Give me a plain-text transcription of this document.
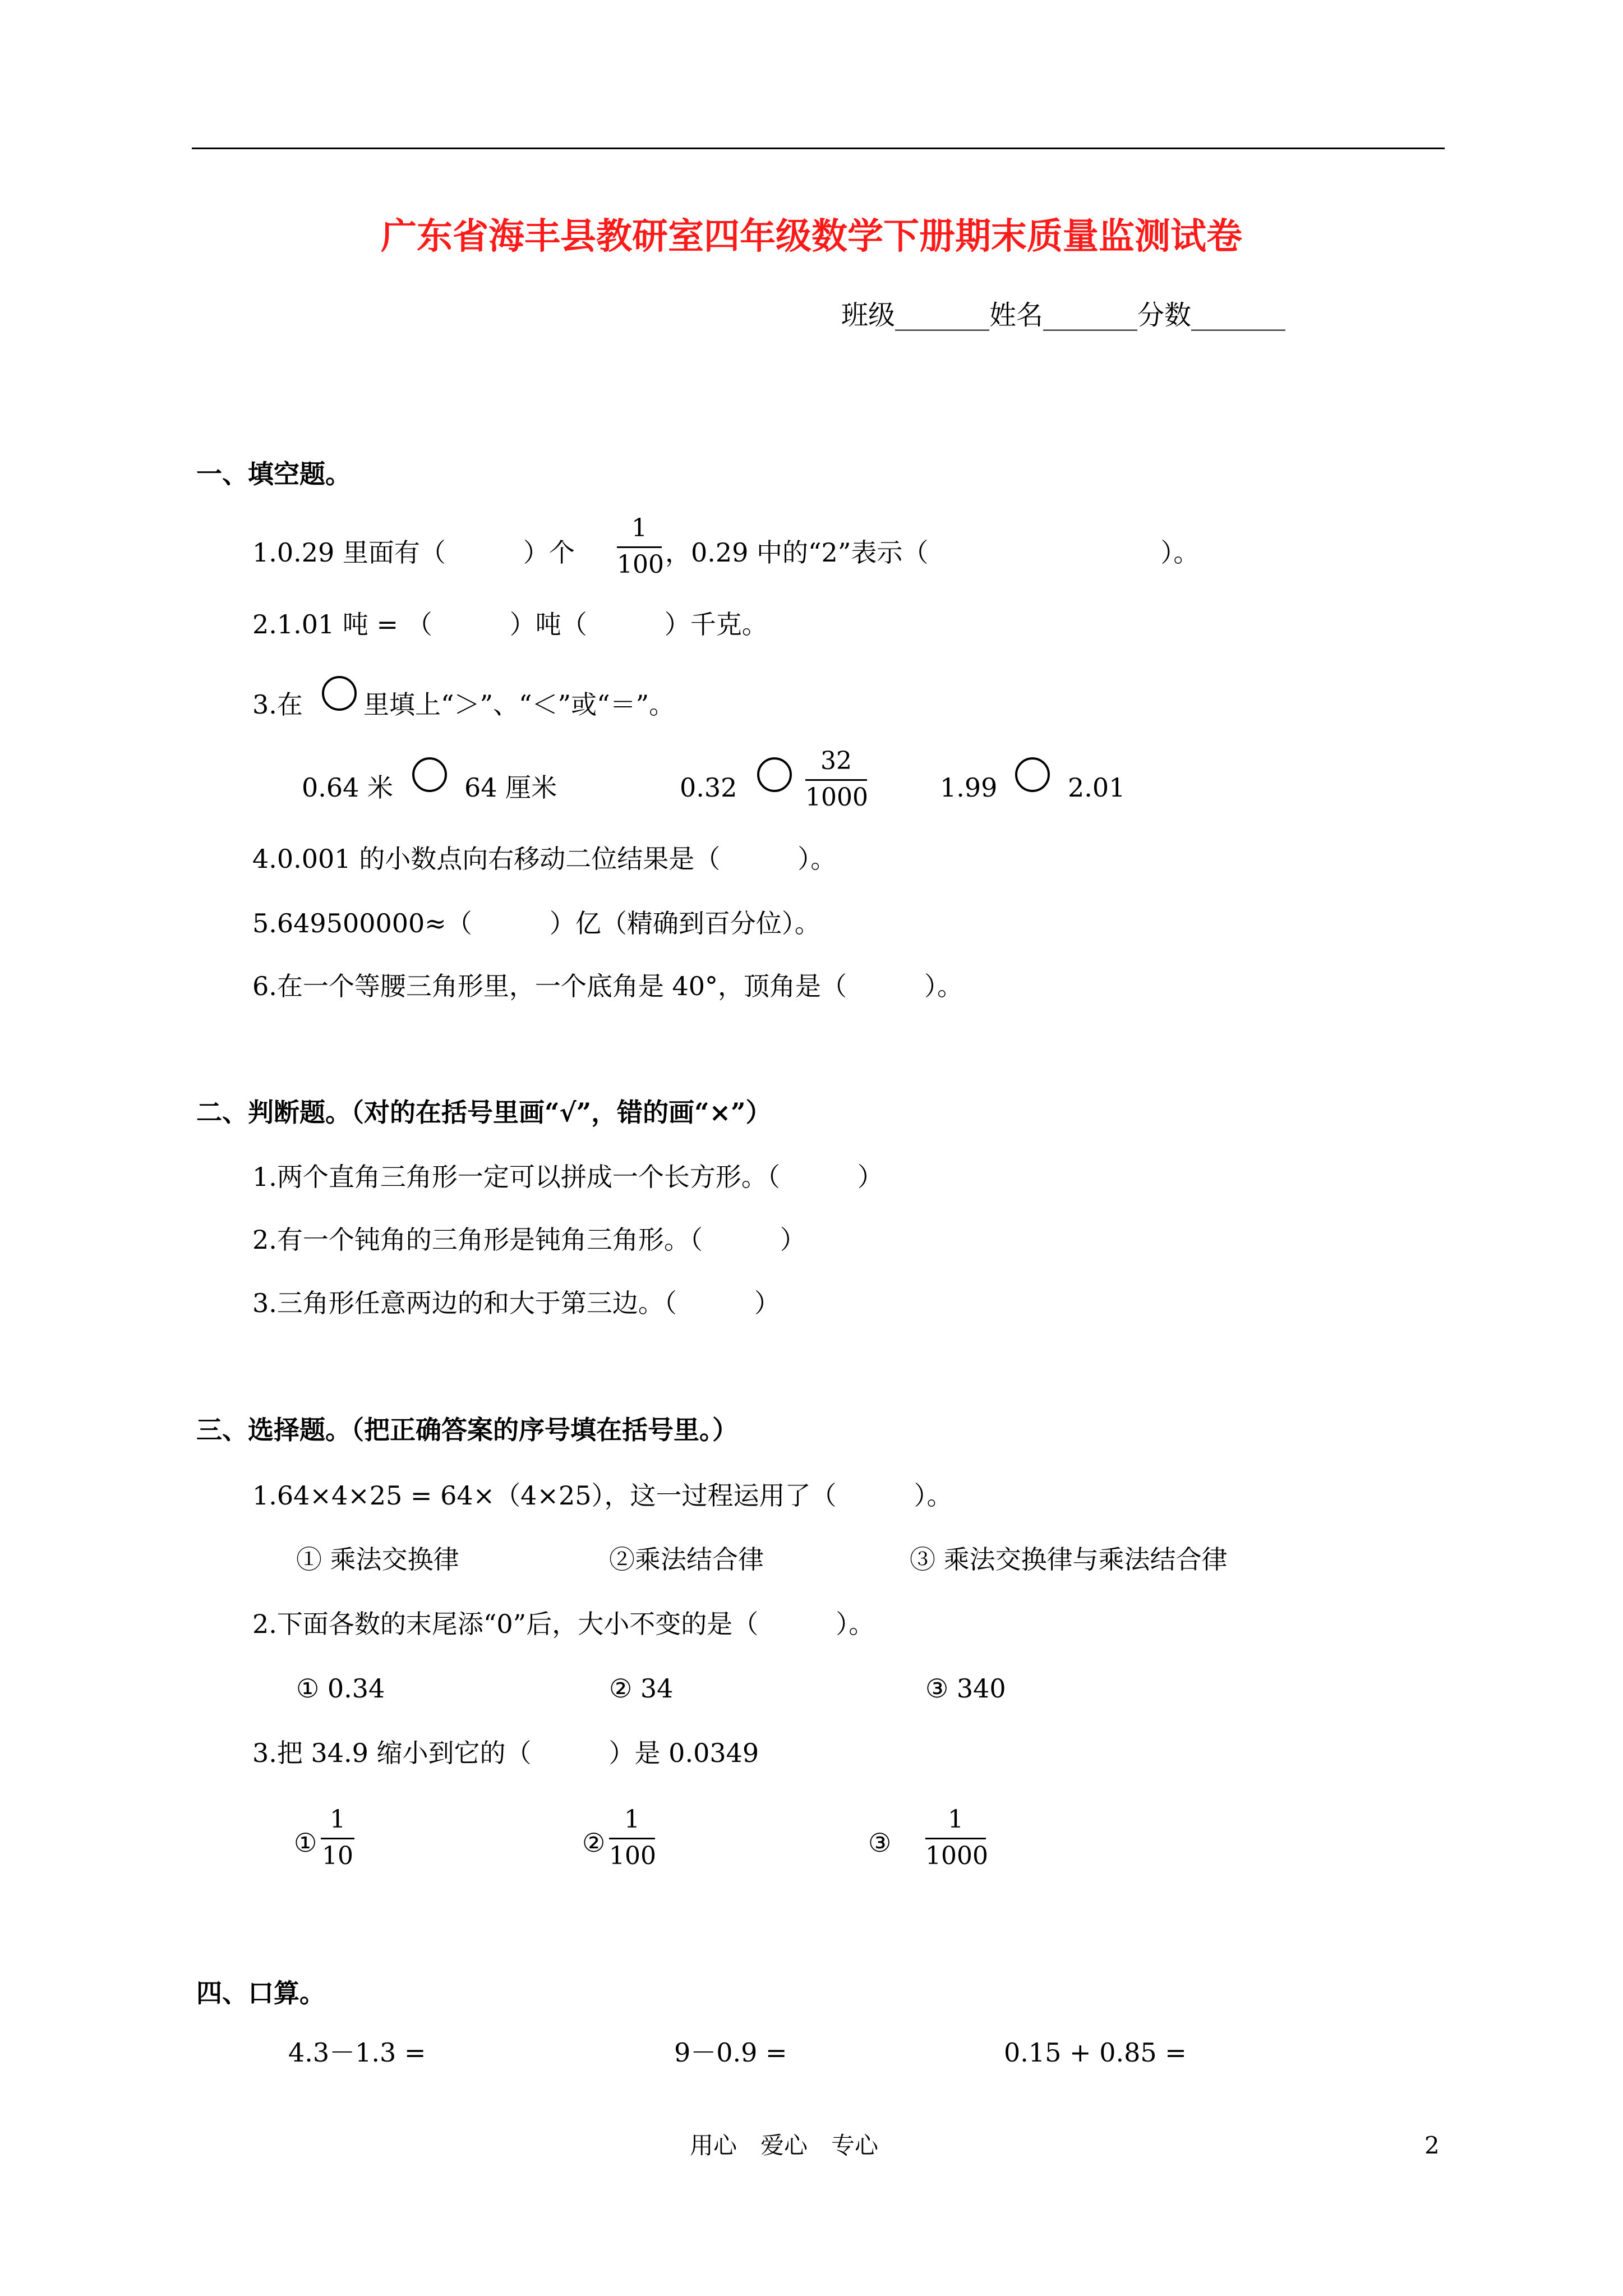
广东省海丰县教研室四年级数学下册期末质量监测试卷
班级_______姓名_______分数_______
一、填空题。
1.0.29 里面有（　　　）个
1
100 ，0.29 中的“2”表示（　　　　　　　　　）。
2.1.01 吨 = （　　　）吨（　　　）千克。
3.在 里填上“＞”、“＜”或“＝”。
0.64 米	64 厘米	0.32
32
1000	1.99	2.01
4.0.001 的小数点向右移动二位结果是（　　　）。
5.649500000≈（　　　）亿（精确到百分位）。
6.在一个等腰三角形里，一个底角是 40°，顶角是（　　　）。
二、判断题。（对的在括号里画“√”，错的画“×”）
1.两个直角三角形一定可以拼成一个长方形。（　　　）
2.有一个钝角的三角形是钝角三角形。（　　　）
3.三角形任意两边的和大于第三边。（　　　）
三、选择题。（把正确答案的序号填在括号里。）
1.64×4×25 = 64×（4×25），这一过程运用了（　　　）。
① 乘法交换律	②乘法结合律	③ 乘法交换律与乘法结合律
2.下面各数的末尾添“0”后，大小不变的是（　　　）。
① 0.34	② 34	③ 340
3.把 34.9 缩小到它的（　　　）是 0.0349
①
1
10	②
1
100	③
1
1000
四、口算。
4.3－1.3 =	9－0.9 =	0.15 + 0.85 =
用心　爱心　专心	2
